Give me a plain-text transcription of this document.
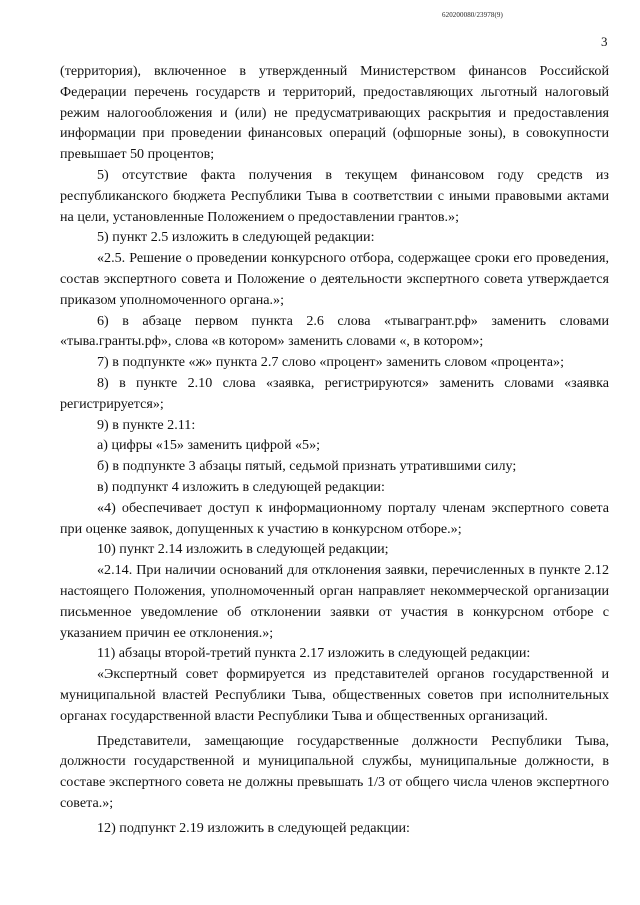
620200080/23978(9)
3

(территория), включенное в утвержденный Министерством финансов Российской Федерации перечень государств и территорий, предоставляющих льготный налоговый режим налогообложения и (или) не предусматривающих раскрытия и предоставления информации при проведении финансовых операций (офшорные зоны), в совокупности превышает 50 процентов;

5) отсутствие факта получения в текущем финансовом году средств из республиканского бюджета Республики Тыва в соответствии с иными правовыми актами на цели, установленные Положением о предоставлении грантов.»;

5) пункт 2.5 изложить в следующей редакции:

«2.5. Решение о проведении конкурсного отбора, содержащее сроки его проведения, состав экспертного совета и Положение о деятельности экспертного совета утверждается приказом уполномоченного органа.»;

6) в абзаце первом пункта 2.6 слова «тывагрант.рф» заменить словами «тыва.гранты.рф», слова «в котором» заменить словами «, в котором»;

7) в подпункте «ж» пункта 2.7 слово «процент» заменить словом «процента»;

8) в пункте 2.10 слова «заявка, регистрируются» заменить словами «заявка регистрируется»;

9) в пункте 2.11:

а) цифры «15» заменить цифрой «5»;

б) в подпункте 3 абзацы пятый, седьмой признать утратившими силу;

в) подпункт 4 изложить в следующей редакции:

«4) обеспечивает доступ к информационному порталу членам экспертного совета при оценке заявок, допущенных к участию в конкурсном отборе.»;

10) пункт 2.14 изложить в следующей редакции;

«2.14. При наличии оснований для отклонения заявки, перечисленных в пункте 2.12 настоящего Положения, уполномоченный орган направляет некоммерческой организации письменное уведомление об отклонении заявки от участия в конкурсном отборе с указанием причин ее отклонения.»;

11) абзацы второй-третий пункта 2.17 изложить в следующей редакции:

«Экспертный совет формируется из представителей органов государственной и муниципальной властей Республики Тыва, общественных советов при исполнительных органах государственной власти Республики Тыва и общественных организаций.

Представители, замещающие государственные должности Республики Тыва, должности государственной и муниципальной службы, муниципальные должности, в составе экспертного совета не должны превышать 1/3 от общего числа членов экспертного совета.»;

12) подпункт 2.19 изложить в следующей редакции:
